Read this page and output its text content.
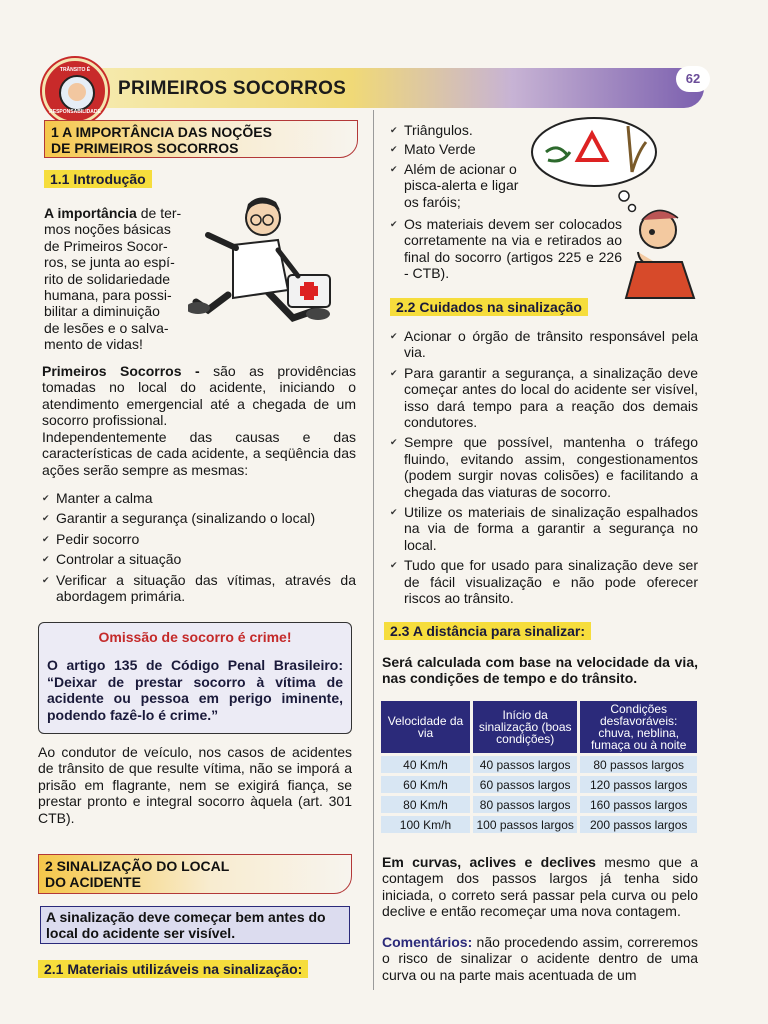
PRIMEIROS SOCORROS
TRÂNSITO É
RESPONSABILIDADE
62
1 A IMPORTÂNCIA DAS NOÇÕES
DE PRIMEIROS SOCORROS
1.1 Introdução
A importância de ter-
mos noções básicas
de Primeiros Socor-
ros, se junta ao espí-
rito de solidariedade
humana, para possi-
bilitar a diminuição
de lesões e o salva-
mento de vidas!
Primeiros Socorros - são as providências tomadas no local do acidente, iniciando o atendimento emergencial até a chegada de um socorro profissional.
Independentemente das causas e das características de cada acidente, a seqüência das ações serão sempre as mesmas:
✔ Manter a calma
✔ Garantir a segurança (sinalizando o local)
✔ Pedir socorro
✔ Controlar a situação
✔ Verificar a situação das vítimas, através da abordagem primária.
Omissão de socorro é crime!
O artigo 135 de Código Penal Brasileiro: “Deixar de prestar socorro à vítima de acidente ou pessoa em perigo iminente, podendo fazê-lo é crime.”
Ao condutor de veículo, nos casos de acidentes de trânsito de que resulte vítima, não se imporá a prisão em flagrante, nem se exigirá fiança, se prestar pronto e integral socorro àquela (art. 301 CTB).
2 SINALIZAÇÃO DO LOCAL
DO ACIDENTE
A sinalização deve começar bem antes do local do acidente ser visível.
2.1 Materiais utilizáveis na sinalização:
✔ Triângulos.
✔ Mato Verde
✔ Além de acionar o pisca-alerta e ligar os faróis;
✔ Os materiais devem ser colocados corretamente na via e retirados ao final do socorro (artigos 225 e 226 - CTB).
2.2 Cuidados na sinalização
✔ Acionar o órgão de trânsito responsável pela via.
✔ Para garantir a segurança, a sinalização deve começar antes do local do acidente ser visível, isso dará tempo para a reação dos demais condutores.
✔ Sempre que possível, mantenha o tráfego fluindo, evitando assim, congestionamentos (podem surgir novas colisões) e facilitando a chegada das viaturas de socorro.
✔ Utilize os materiais de sinalização espalhados na via de forma a garantir a segurança no local.
✔ Tudo que for usado para sinalização deve ser de fácil visualização e não pode oferecer riscos ao trânsito.
2.3 A distância para sinalizar:
Será calculada com base na velocidade da via, nas condições de tempo e do trânsito.
Velocidade da via	Início da sinalização (boas condições)	Condições desfavoráveis: chuva, neblina, fumaça ou à noite
40 Km/h	40 passos largos	80 passos largos
60 Km/h	60 passos largos	120 passos largos
80 Km/h	80 passos largos	160 passos largos
100 Km/h	100 passos largos	200 passos largos
Em curvas, aclives e declives mesmo que a contagem dos passos largos já tenha sido iniciada, o correto será passar pela curva ou pelo declive e então recomeçar uma nova contagem.
Comentários: não procedendo assim, correremos o risco de sinalizar o acidente dentro de uma curva ou na parte mais acentuada de um
